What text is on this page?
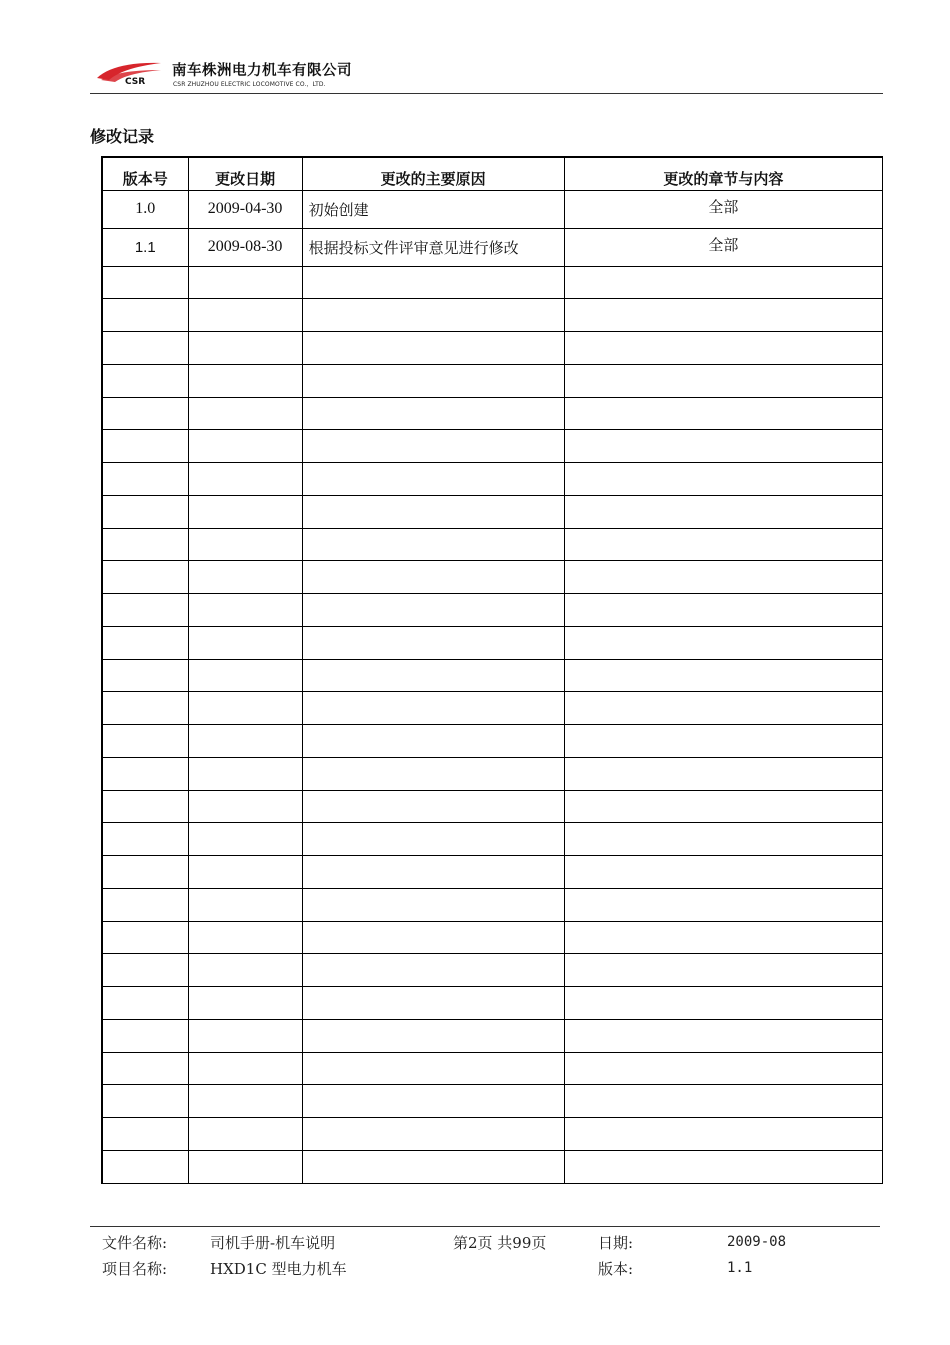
CSR
南车株洲电力机车有限公司
CSR ZHUZHOU ELECTRIC LOCOMOTIVE CO.，LTD.
修改记录
版本号	更改日期	更改的主要原因	更改的章节与内容
1.0	2009-04-30	初始创建	全部
1.1	2009-08-30	根据投标文件评审意见进行修改	全部

文件名称:	司机手册-机车说明	第2页 共99页	日期:	2009-08
项目名称:	HXD1C 型电力机车	版本:	1.1
